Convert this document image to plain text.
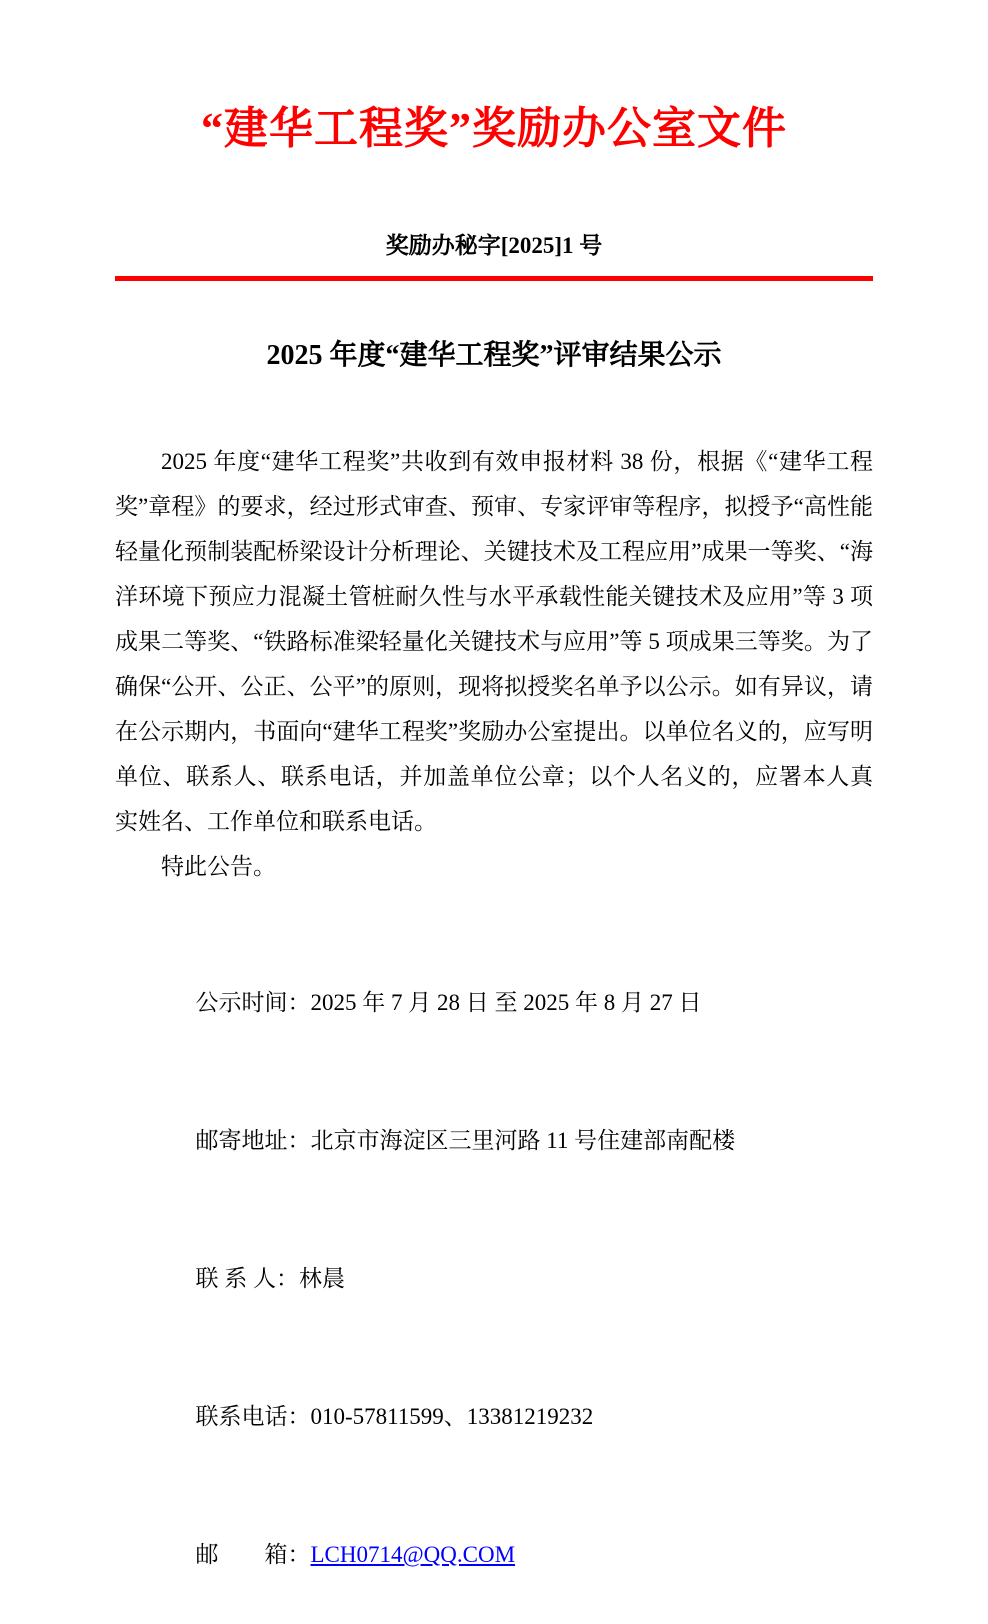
“建华工程奖”奖励办公室文件
奖励办秘字[2025]1 号
2025 年度“建华工程奖”评审结果公示
2025 年度“建华工程奖”共收到有效申报材料 38 份，根据《“建华工程奖”章程》的要求，经过形式审查、预审、专家评审等程序，拟授予“高性能轻量化预制装配桥梁设计分析理论、关键技术及工程应用”成果一等奖、“海洋环境下预应力混凝土管桩耐久性与水平承载性能关键技术及应用”等 3 项成果二等奖、“铁路标准梁轻量化关键技术与应用”等 5 项成果三等奖。为了确保“公开、公正、公平”的原则，现将拟授奖名单予以公示。如有异议，请在公示期内，书面向“建华工程奖”奖励办公室提出。以单位名义的，应写明单位、联系人、联系电话，并加盖单位公章；以个人名义的，应署本人真实姓名、工作单位和联系电话。
特此公告。

公示时间：2025 年 7 月 28 日 至 2025 年 8 月 27 日

邮寄地址：北京市海淀区三里河路 11 号住建部南配楼

联 系 人：林晨

联系电话：010-57811599、13381219232

邮　　箱：LCH0714@QQ.COM
